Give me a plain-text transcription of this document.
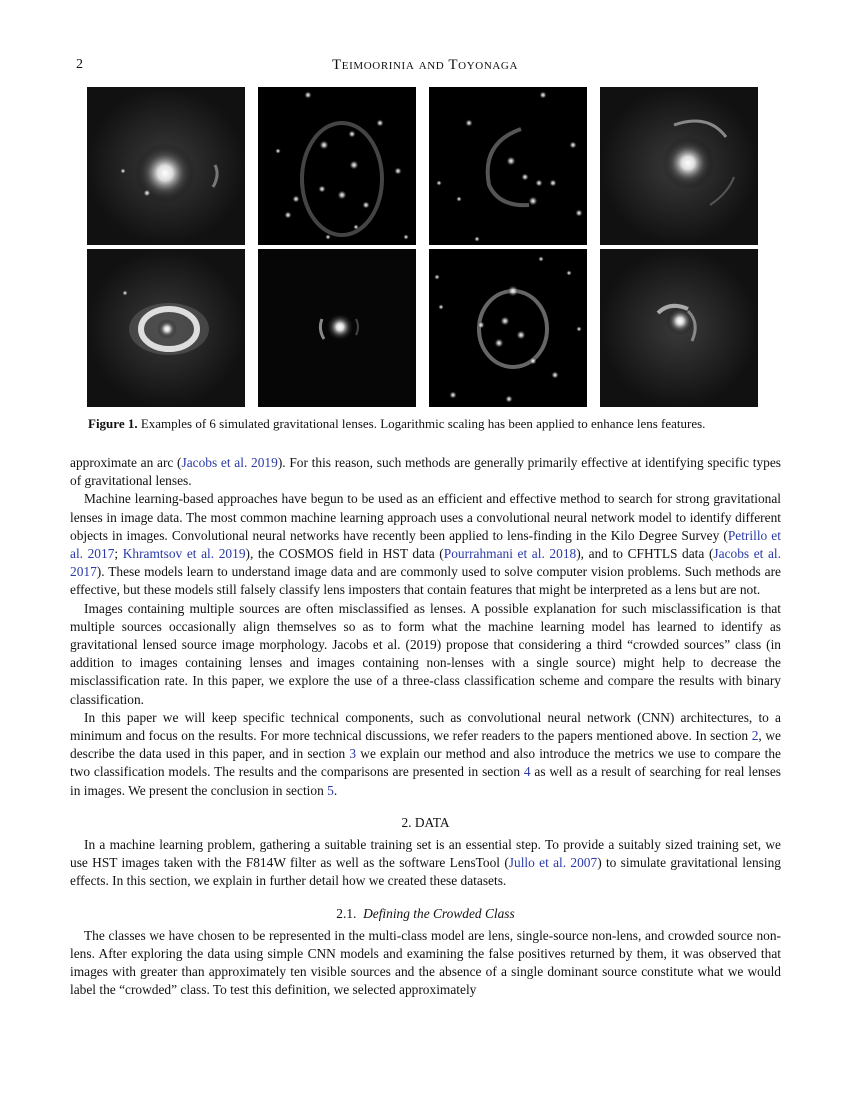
2	Teimoorinia and Toyonaga
Figure 1. Examples of 6 simulated gravitational lenses. Logarithmic scaling has been applied to enhance lens features.

approximate an arc (Jacobs et al. 2019). For this reason, such methods are generally primarily effective at identifying specific types of gravitational lenses.

Machine learning-based approaches have begun to be used as an efficient and effective method to search for strong gravitational lenses in image data. The most common machine learning approach uses a convolutional neural network model to identify different objects in images. Convolutional neural networks have recently been applied to lens-finding in the Kilo Degree Survey (Petrillo et al. 2017; Khramtsov et al. 2019), the COSMOS field in HST data (Pourrahmani et al. 2018), and to CFHTLS data (Jacobs et al. 2017). These models learn to understand image data and are commonly used to solve computer vision problems. Such methods are effective, but these models still falsely classify lens imposters that contain features that might be interpreted as a lens but are not.

Images containing multiple sources are often misclassified as lenses. A possible explanation for such misclassification is that multiple sources occasionally align themselves so as to form what the machine learning model has learned to identify as gravitational lensed source image morphology. Jacobs et al. (2019) propose that considering a third “crowded sources” class (in addition to images containing lenses and images containing non-lenses with a single source) might help to decrease the misclassification rate. In this paper, we explore the use of a three-class classification scheme and compare the results with binary classification.

In this paper we will keep specific technical components, such as convolutional neural network (CNN) architectures, to a minimum and focus on the results. For more technical discussions, we refer readers to the papers mentioned above. In section 2, we describe the data used in this paper, and in section 3 we explain our method and also introduce the metrics we use to compare the two classification models. The results and the comparisons are presented in section 4 as well as a result of searching for real lenses in images. We present the conclusion in section 5.

2. DATA

In a machine learning problem, gathering a suitable training set is an essential step. To provide a suitably sized training set, we use HST images taken with the F814W filter as well as the software LensTool (Jullo et al. 2007) to simulate gravitational lensing effects. In this section, we explain in further detail how we created these datasets.

2.1. Defining the Crowded Class

The classes we have chosen to be represented in the multi-class model are lens, single-source non-lens, and crowded source non-lens. After exploring the data using simple CNN models and examining the false positives returned by them, it was observed that images with greater than approximately ten visible sources and the absence of a single dominant source constitute what we would label the “crowded” class. To test this definition, we selected approximately
